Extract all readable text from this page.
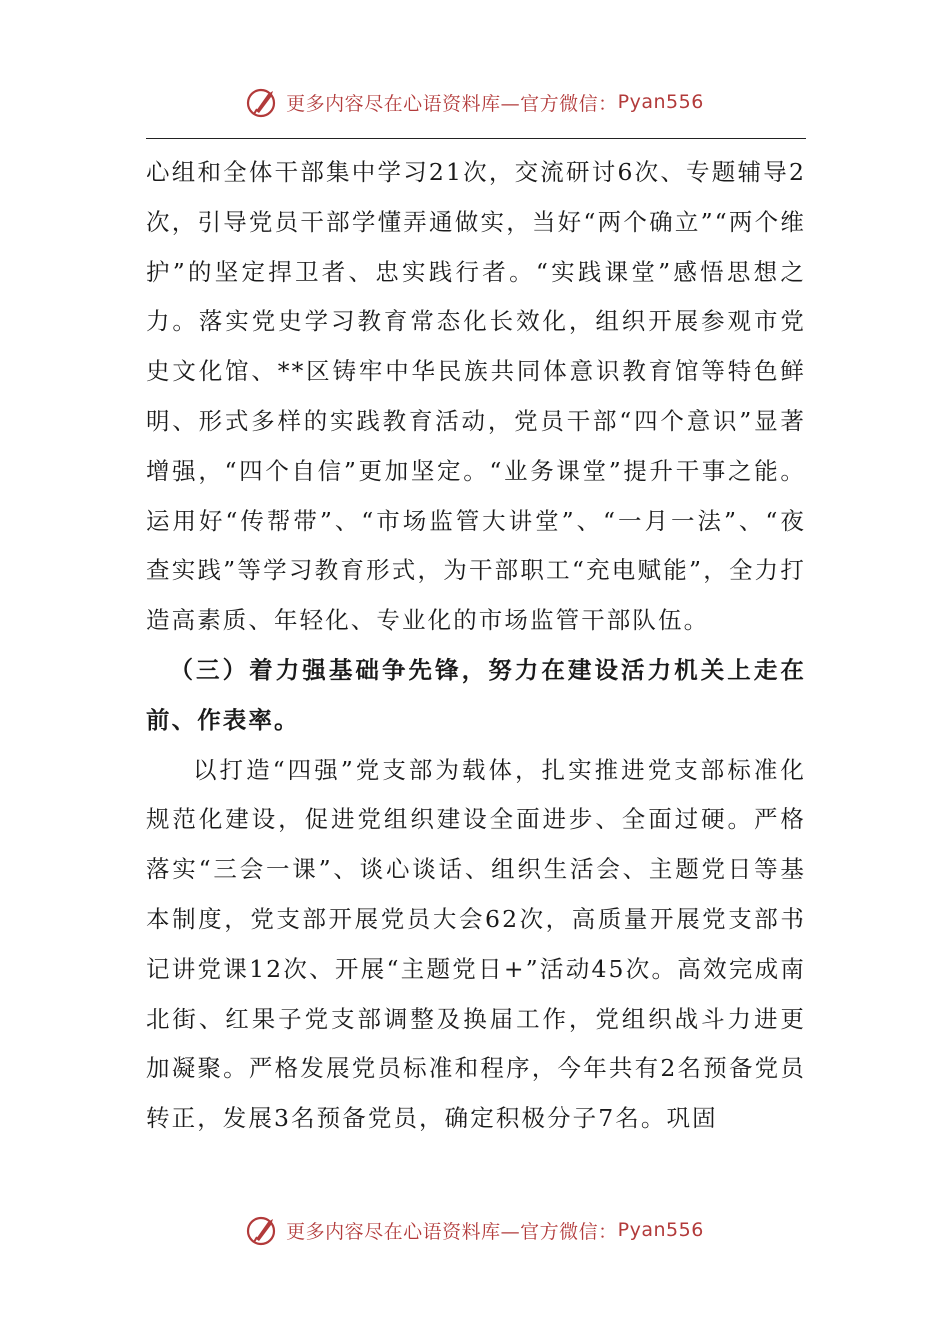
更多内容尽在心语资料库—官方微信： Pyan556

心组和全体干部集中学习21次，交流研讨6次、专题辅导2次，引导党员干部学懂弄通做实，当好“两个确立”“两个维护”的坚定捍卫者、忠实践行者。“实践课堂”感悟思想之力。落实党史学习教育常态化长效化，组织开展参观市党史文化馆、**区铸牢中华民族共同体意识教育馆等特色鲜明、形式多样的实践教育活动，党员干部“四个意识”显著增强，“四个自信”更加坚定。“业务课堂”提升干事之能。运用好“传帮带”、“市场监管大讲堂”、“一月一法”、“夜查实践”等学习教育形式，为干部职工“充电赋能”，全力打造高素质、年轻化、专业化的市场监管干部队伍。

（三）着力强基础争先锋，努力在建设活力机关上走在前、作表率。

以打造“四强”党支部为载体，扎实推进党支部标准化规范化建设，促进党组织建设全面进步、全面过硬。严格落实“三会一课”、谈心谈话、组织生活会、主题党日等基本制度，党支部开展党员大会62次，高质量开展党支部书记讲党课12次、开展“主题党日+”活动45次。高效完成南北街、红果子党支部调整及换届工作，党组织战斗力进更加凝聚。严格发展党员标准和程序，今年共有2名预备党员转正，发展3名预备党员，确定积极分子7名。巩固

更多内容尽在心语资料库—官方微信： Pyan556
